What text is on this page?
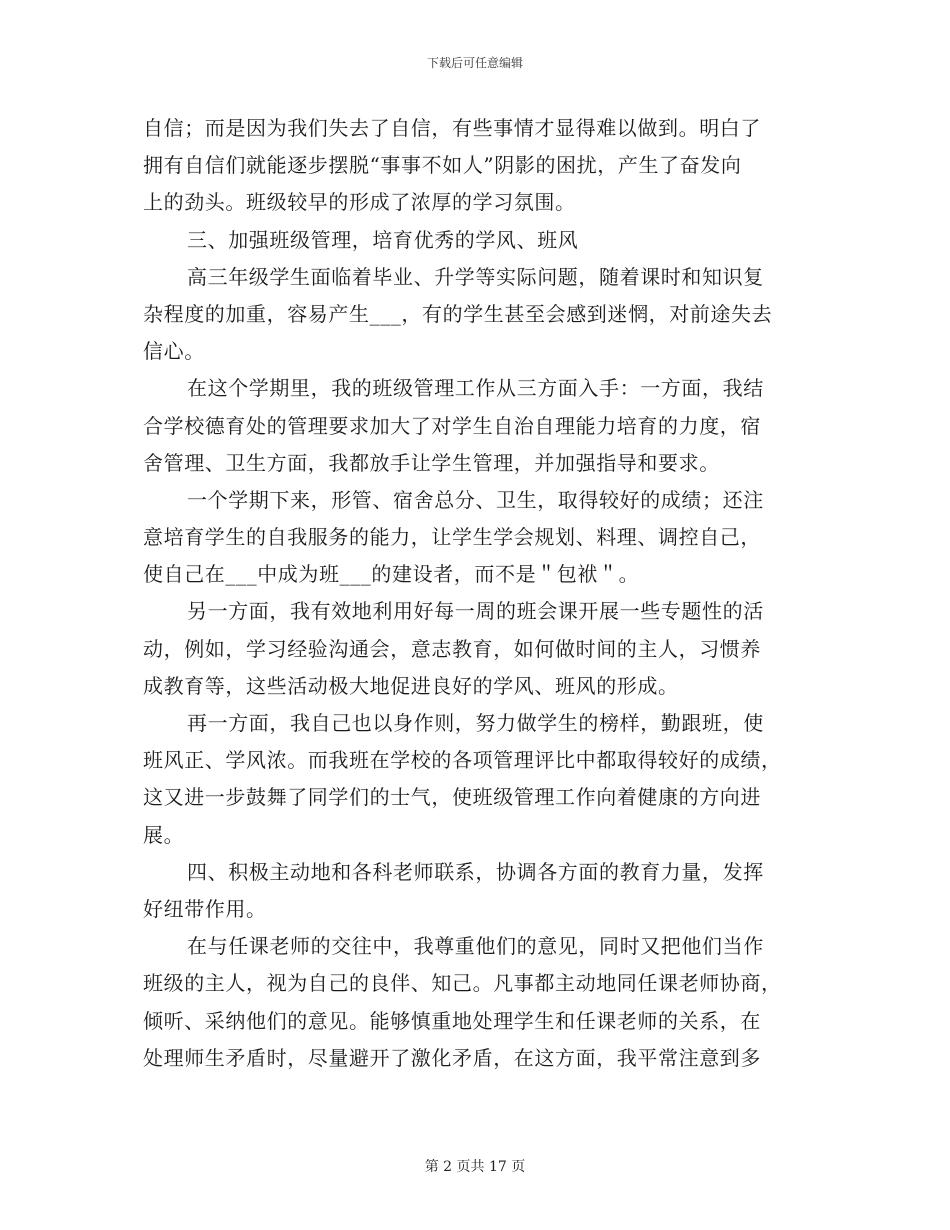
下载后可任意编辑
自信；而是因为我们失去了自信，有些事情才显得难以做到。明白了
拥有自信们就能逐步摆脱“事事不如人”阴影的困扰，产生了奋发向
上的劲头。班级较早的形成了浓厚的学习氛围。
三、加强班级管理，培育优秀的学风、班风
高三年级学生面临着毕业、升学等实际问题，随着课时和知识复
杂程度的加重，容易产生___，有的学生甚至会感到迷惘，对前途失去
信心。
在这个学期里，我的班级管理工作从三方面入手：一方面，我结
合学校德育处的管理要求加大了对学生自治自理能力培育的力度，宿
舍管理、卫生方面，我都放手让学生管理，并加强指导和要求。
一个学期下来，形管、宿舍总分、卫生，取得较好的成绩；还注
意培育学生的自我服务的能力，让学生学会规划、料理、调控自己，
使自己在___中成为班___的建设者，而不是＂包袱＂。
另一方面，我有效地利用好每一周的班会课开展一些专题性的活
动，例如，学习经验沟通会，意志教育，如何做时间的主人，习惯养
成教育等，这些活动极大地促进良好的学风、班风的形成。
再一方面，我自己也以身作则，努力做学生的榜样，勤跟班，使
班风正、学风浓。而我班在学校的各项管理评比中都取得较好的成绩，
这又进一步鼓舞了同学们的士气，使班级管理工作向着健康的方向进
展。
四、积极主动地和各科老师联系，协调各方面的教育力量，发挥
好纽带作用。
在与任课老师的交往中，我尊重他们的意见，同时又把他们当作
班级的主人，视为自己的良伴、知己。凡事都主动地同任课老师协商，
倾听、采纳他们的意见。能够慎重地处理学生和任课老师的关系，在
处理师生矛盾时，尽量避开了激化矛盾，在这方面，我平常注意到多
第 2 页共 17 页
